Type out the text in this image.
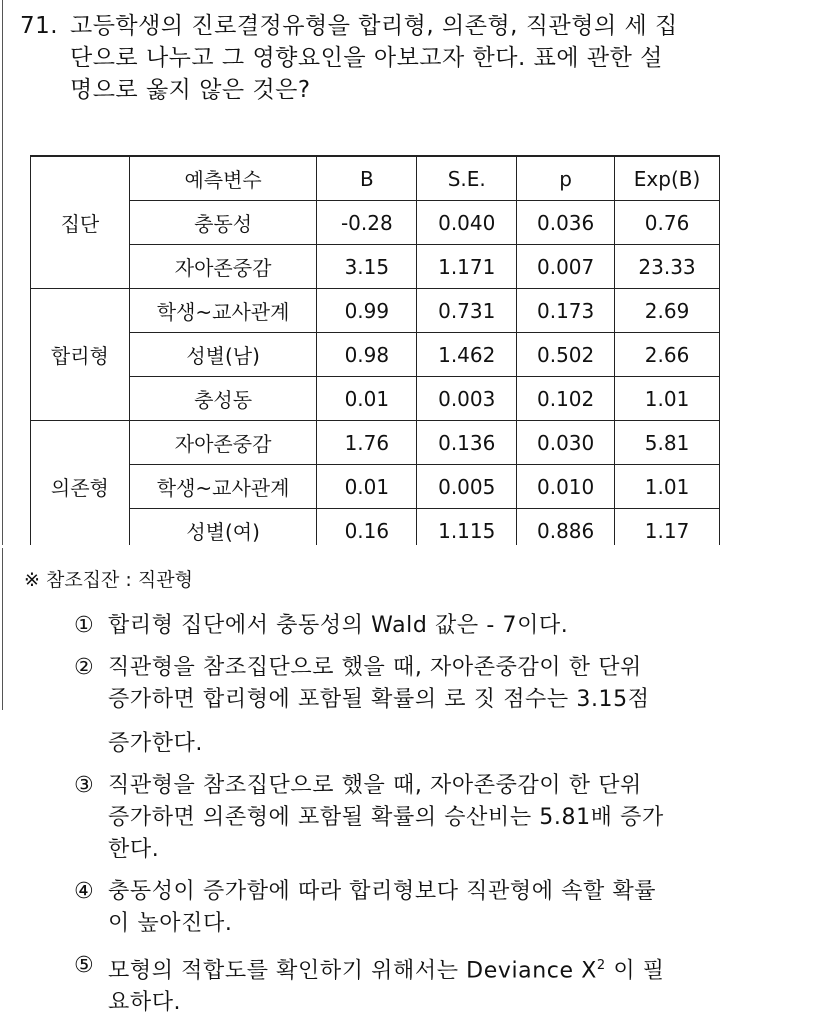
71. 고등학생의 진로결정유형을 합리형, 의존형, 직관형의 세 집
단으로 나누고 그 영향요인을 아보고자 한다. 표에 관한 설
명으로 옳지 않은 것은?
집단	예측변수	B	S.E.	p	Exp(B)
	충동성	-0.28	0.040	0.036	0.76
	자아존중감	3.15	1.171	0.007	23.33
합리형	학생~교사관계	0.99	0.731	0.173	2.69
	성별(남)	0.98	1.462	0.502	2.66
	충성동	0.01	0.003	0.102	1.01
의존형	자아존중감	1.76	0.136	0.030	5.81
	학생~교사관계	0.01	0.005	0.010	1.01
	성별(여)	0.16	1.115	0.886	1.17
※ 참조집잔 : 직관형
① 합리형 집단에서 충동성의 Wald 값은 - 7이다.
② 직관형을 참조집단으로 했을 때, 자아존중감이 한 단위
증가하면 합리형에 포함될 확률의 로 짓 점수는 3.15점
증가한다.
③ 직관형을 참조집단으로 했을 때, 자아존중감이 한 단위
증가하면 의존형에 포함될 확률의 승산비는 5.81배 증가
한다.
④ 충동성이 증가함에 따라 합리형보다 직관형에 속할 확률
이 높아진다.
⑤ 모형의 적합도를 확인하기 위해서는 Deviance $X^2$ 이 필
요하다.
